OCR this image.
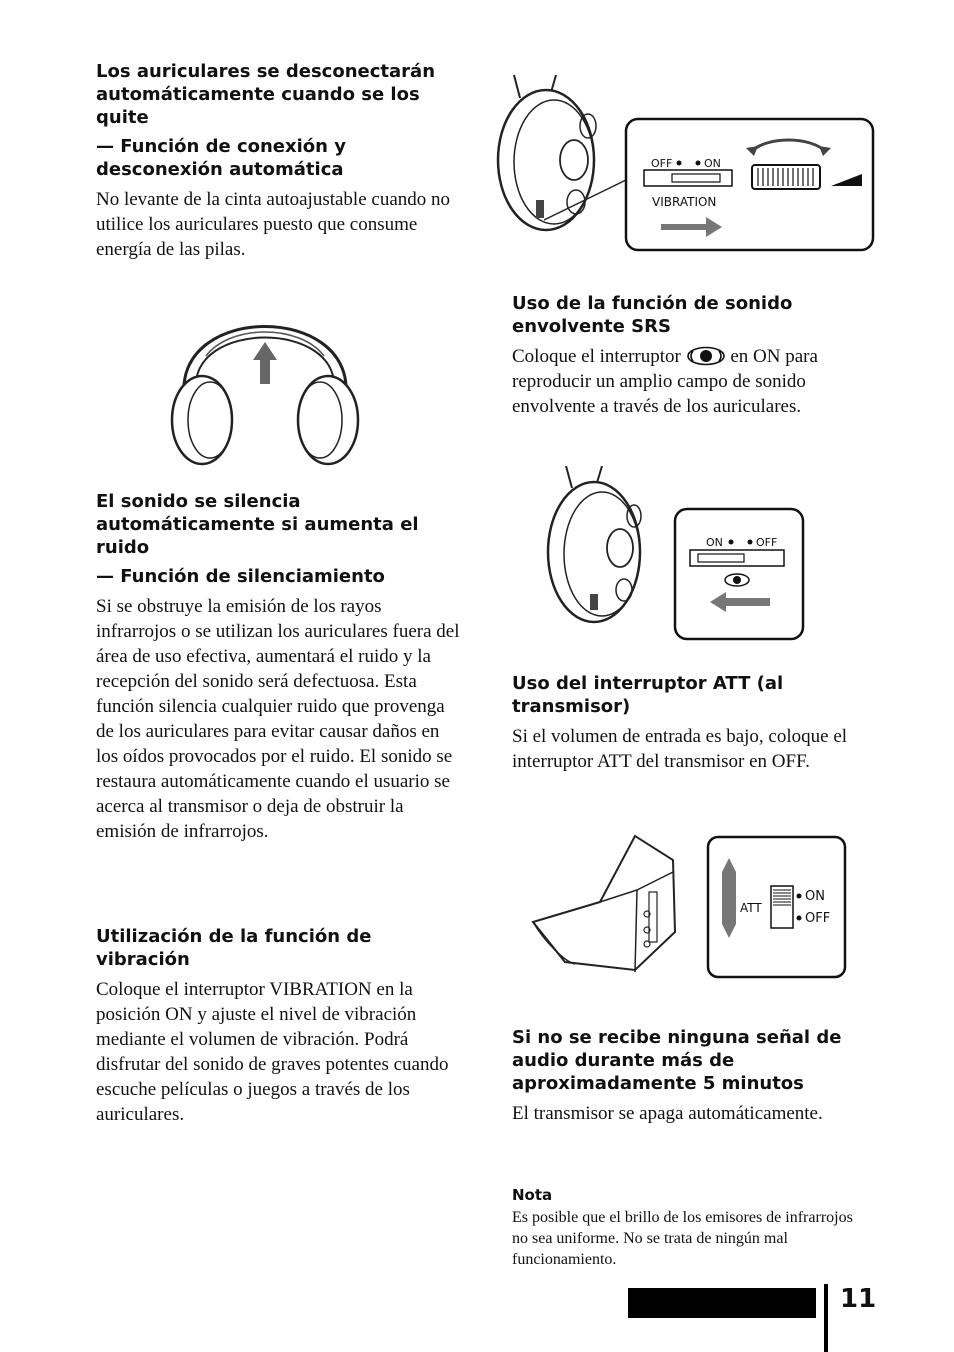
Los auriculares se desconectarán automáticamente cuando se los quite

— Función de conexión y desconexión automática

No levante de la cinta autoajustable cuando no utilice los auriculares puesto que consume energía de las pilas.

El sonido se silencia automáticamente si aumenta el ruido

— Función de silenciamiento

Si se obstruye la emisión de los rayos infrarrojos o se utilizan los auriculares fuera del área de uso efectiva, aumentará el ruido y la recepción del sonido será defectuosa. Esta función silencia cualquier ruido que provenga de los auriculares para evitar causar daños en los oídos provocados por el ruido. El sonido se restaura automáticamente cuando el usuario se acerca al transmisor o deja de obstruir la emisión de infrarrojos.

Utilización de la función de vibración

Coloque el interruptor VIBRATION en la posición ON y ajuste el nivel de vibración mediante el volumen de vibración. Podrá disfrutar del sonido de graves potentes cuando escuche películas o juegos a través de los auriculares.

OFF	ON
VIBRATION

Uso de la función de sonido envolvente SRS

Coloque el interruptor	en ON para reproducir un amplio campo de sonido envolvente a través de los auriculares.

ON	OFF

Uso del interruptor ATT (al transmisor)

Si el volumen de entrada es bajo, coloque el interruptor ATT del transmisor en OFF.

ATT
ON
OFF

Si no se recibe ninguna señal de audio durante más de aproximadamente 5 minutos

El transmisor se apaga automáticamente.

Nota

Es posible que el brillo de los emisores de infrarrojos no sea uniforme. No se trata de ningún mal funcionamiento.

11
